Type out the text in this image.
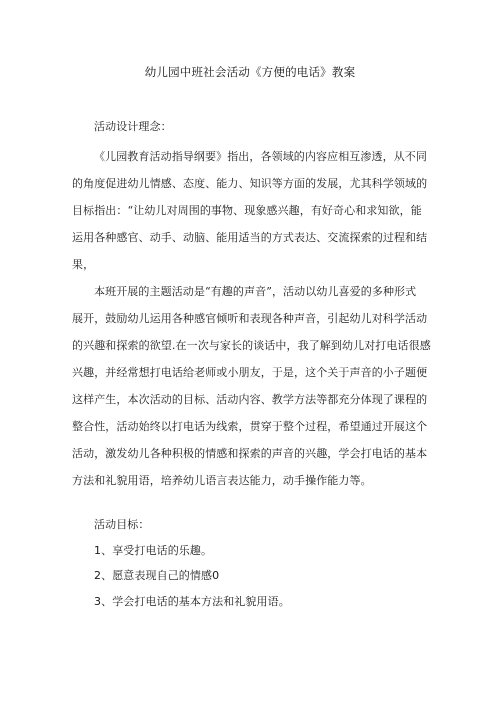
幼儿园中班社会活动《方便的电话》教案
活动设计理念：
《儿园教育活动指导纲要》指出，各领域的内容应相互渗透，从不同
的角度促进幼儿情感、态度、能力、知识等方面的发展，尤其科学领域的
目标指出：“让幼儿对周围的事物、现象感兴趣，有好奇心和求知欲，能
运用各种感官、动手、动脑、能用适当的方式表达、交流探索的过程和结
果，
本班开展的主题活动是“有趣的声音”，活动以幼儿喜爱的多种形式
展开，鼓励幼儿运用各种感官倾听和表现各种声音，引起幼儿对科学活动
的兴趣和探索的欲望.在一次与家长的谈话中，我了解到幼儿对打电话很感
兴趣，并经常想打电话给老师或小朋友，于是，这个关于声音的小子题便
这样产生，本次活动的目标、活动内容、教学方法等都充分体现了课程的
整合性，活动始终以打电话为线索，贯穿于整个过程，希望通过开展这个
活动，激发幼儿各种积极的情感和探索的声音的兴趣，学会打电话的基本
方法和礼貌用语，培养幼儿语言表达能力，动手操作能力等。
活动目标：
1、享受打电话的乐趣。
2、愿意表现自己的情感0
3、学会打电话的基本方法和礼貌用语。
